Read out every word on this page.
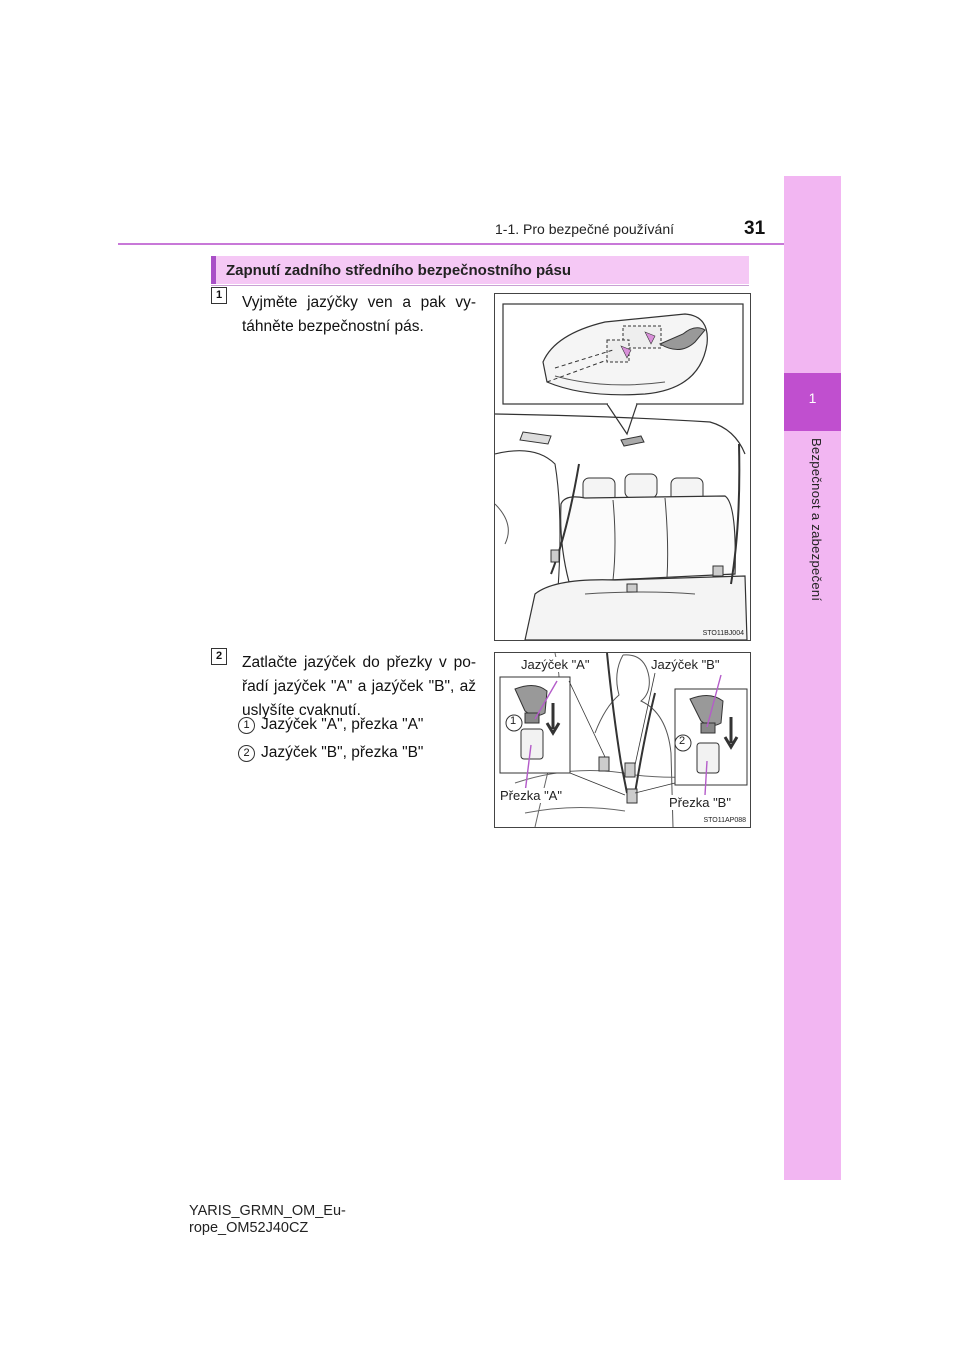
1
Bezpečnost a zabezpečení
1-1. Pro bezpečné používání	31
Zapnutí zadního středního bezpečnostního pásu
1	Vyjměte jazýčky ven a pak vy- táhněte bezpečnostní pás.
STO11BJ004
2	Zatlačte jazýček do přezky v po- řadí jazýček "A" a jazýček "B", až uslyšíte cvaknutí.
1 Jazýček "A", přezka "A"
2 Jazýček "B", přezka "B"
Jazýček "A"	Jazýček "B"
Přezka "A"	Přezka "B"
1
2
STO11AP088
YARIS_GRMN_OM_Eu-
rope_OM52J40CZ
